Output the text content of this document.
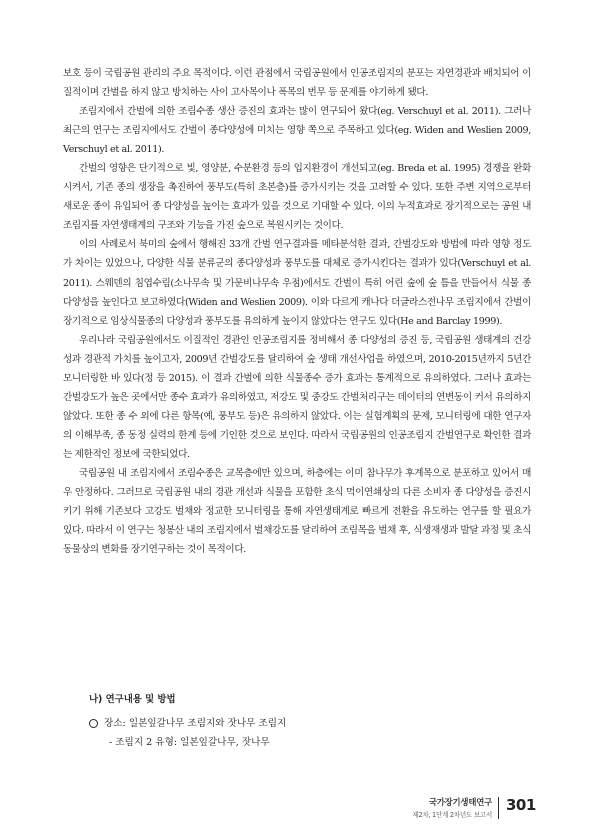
보호 등이 국립공원 관리의 주요 목적이다. 이런 관점에서 국립공원에서 인공조림지의 분포는 자연경관과 배치되어 이질적이며 간벌을 하지 않고 방치하는 사이 고사목이나 폭목의 번무 등 문제를 야기하게 됐다.

조림지에서 간벌에 의한 조림수종 생산 증진의 효과는 많이 연구되어 왔다(eg. Verschuyl et al. 2011). 그러나 최근의 연구는 조림지에서도 간벌이 종다양성에 미치는 영향 쪽으로 주목하고 있다(eg. Widen and Weslien 2009, Verschuyl et al. 2011).

간벌의 영향은 단기적으로 빛, 영양분, 수분환경 등의 입지환경이 개선되고(eg. Breda et al. 1995) 경쟁을 완화시켜서, 기존 종의 생장을 촉진하여 풍부도(특히 초본층)를 증가시키는 것을 고려할 수 있다. 또한 주변 지역으로부터 새로운 종이 유입되어 종 다양성을 높이는 효과가 있을 것으로 기대할 수 있다. 이의 누적효과로 장기적으로는 공원 내 조림지를 자연생태계의 구조와 기능을 가진 숲으로 복원시키는 것이다.

이의 사례로서 북미의 숲에서 행해진 33개 간벌 연구결과를 메타분석한 결과, 간벌강도와 방법에 따라 영향 정도가 차이는 있었으나, 다양한 식물 분류군의 종다양성과 풍부도를 대체로 증가시킨다는 결과가 있다(Verschuyl et al. 2011). 스웨덴의 침엽수림(소나무속 및 가문비나무속 우점)에서도 간벌이 특히 어린 숲에 숲 틈을 만들어서 식물 종 다양성을 높인다고 보고하였다(Widen and Weslien 2009). 이와 다르게 캐나다 더글라스전나무 조림지에서 간벌이 장기적으로 임상식물종의 다양성과 풍부도를 유의하게 높이지 않았다는 연구도 있다(He and Barclay 1999).

우리나라 국립공원에서도 이질적인 경관인 인공조림지를 정비해서 종 다양성의 증진 등, 국립공원 생태계의 건강성과 경관적 가치를 높이고자, 2009년 간벌강도를 달리하여 숲 생태 개선사업을 하였으며, 2010-2015년까지 5년간 모니터링한 바 있다(정 등 2015). 이 결과 간벌에 의한 식물종수 증가 효과는 통계적으로 유의하였다. 그러나 효과는 간벌강도가 높은 곳에서만 종수 효과가 유의하였고, 저강도 및 중강도 간벌처리구는 데이터의 연변동이 커서 유의하지 않았다. 또한 종 수 외에 다른 항목(예, 풍부도 등)은 유의하지 않았다. 이는 실험계획의 문제, 모니터링에 대한 연구자의 이해부족, 종 동정 실력의 한계 등에 기인한 것으로 보인다. 따라서 국립공원의 인공조림지 간벌연구로 확인한 결과는 제한적인 정보에 국한되었다.

국립공원 내 조림지에서 조림수종은 교목층에만 있으며, 하층에는 이미 참나무가 후계목으로 분포하고 있어서 매우 안정하다. 그러므로 국립공원 내의 경관 개선과 식물을 포함한 초식 먹이연쇄상의 다른 소비자 종 다양성을 증진시키기 위해 기존보다 고강도 벌채와 정교한 모니터링을 통해 자연생태계로 빠르게 전환을 유도하는 연구를 할 필요가 있다. 따라서 이 연구는 청봉산 내의 조림지에서 벌채강도를 달리하여 조림목을 벌채 후, 식생재생과 발달 과정 및 초식동물상의 변화를 장기연구하는 것이 목적이다.

나) 연구내용 및 방법

장소: 일본잎갈나무 조림지와 잣나무 조림지

- 조림지 2 유형: 일본잎갈나무, 잣나무

국가장기생태연구
제2차, 1단계 2차년도 보고서
301
